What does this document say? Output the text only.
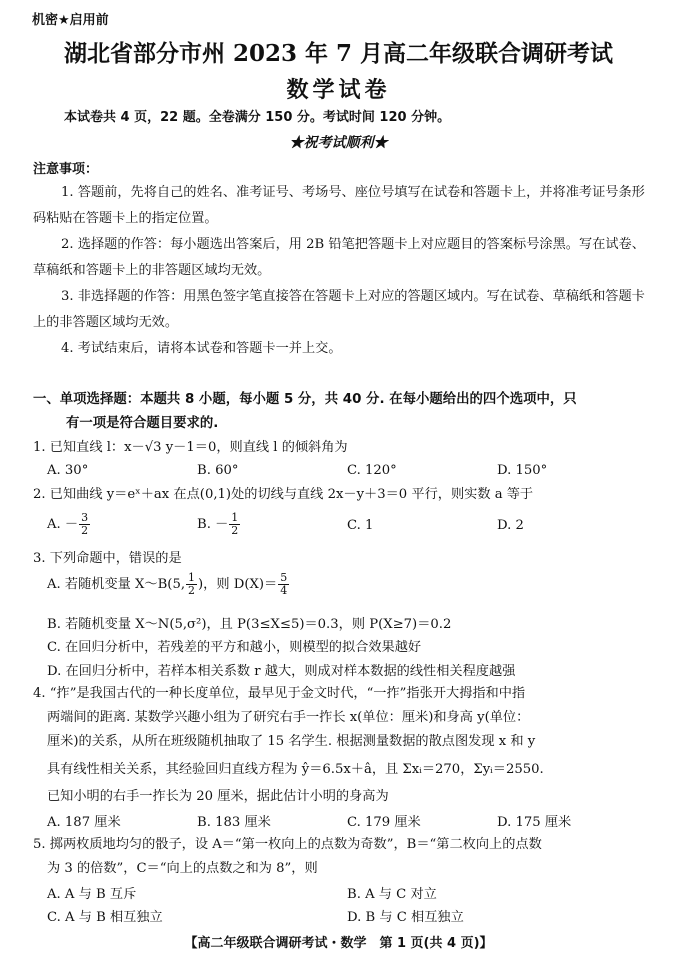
机密★启用前
湖北省部分市州 2023 年 7 月高二年级联合调研考试
数学试卷
本试卷共 4 页，22 题。全卷满分 150 分。考试时间 120 分钟。
★祝考试顺利★
注意事项：

1. 答题前，先将自己的姓名、准考证号、考场号、座位号填写在试卷和答题卡上，并将准考证号条形码粘贴在答题卡上的指定位置。

2. 选择题的作答：每小题选出答案后，用 2B 铅笔把答题卡上对应题目的答案标号涂黑。写在试卷、草稿纸和答题卡上的非答题区域均无效。

3. 非选择题的作答：用黑色签字笔直接答在答题卡上对应的答题区域内。写在试卷、草稿纸和答题卡上的非答题区域均无效。

4. 考试结束后，请将本试卷和答题卡一并上交。

一、单项选择题：本题共 8 小题，每小题 5 分，共 40 分. 在每小题给出的四个选项中，只
有一项是符合题目要求的.
1. 已知直线 l：x－√3 y－1＝0，则直线 l 的倾斜角为
A. 30°	B. 60°	C. 120°	D. 150°
2. 已知曲线 y＝eˣ＋ax 在点(0,1)处的切线与直线 2x－y＋3＝0 平行，则实数 a 等于
A. － $\frac{3}{2}$	B. － $\frac{1}{2}$	C. 1	D. 2
3. 下列命题中，错误的是
A. 若随机变量 X～B(5, $\frac{1}{2}$ )，则 $D(X)= \frac{5}{4}$
B. 若随机变量 X～N(5,σ²)，且 P(3≤X≤5)＝0.3，则 P(X≥7)＝0.2
C. 在回归分析中，若残差的平方和越小，则模型的拟合效果越好
D. 在回归分析中，若样本相关系数 r 越大，则成对样本数据的线性相关程度越强
4. “拃”是我国古代的一种长度单位，最早见于金文时代，“一拃”指张开大拇指和中指
两端间的距离. 某数学兴趣小组为了研究右手一拃长 x(单位：厘米)和身高 y(单位：
厘米)的关系，从所在班级随机抽取了 15 名学生. 根据测量数据的散点图发现 x 和 y
具有线性相关关系，其经验回归直线方程为 ŷ＝6.5x＋â，且 Σxᵢ＝270，Σyᵢ＝2550.
已知小明的右手一拃长为 20 厘米，据此估计小明的身高为
A. 187 厘米	B. 183 厘米	C. 179 厘米	D. 175 厘米
5. 掷两枚质地均匀的骰子，设 A＝“第一枚向上的点数为奇数”，B＝“第二枚向上的点数
为 3 的倍数”，C＝“向上的点数之和为 8”，则
A. A 与 B 互斥	B. A 与 C 对立
C. A 与 B 相互独立	D. B 与 C 相互独立
【高二年级联合调研考试・数学　第 1 页(共 4 页)】
